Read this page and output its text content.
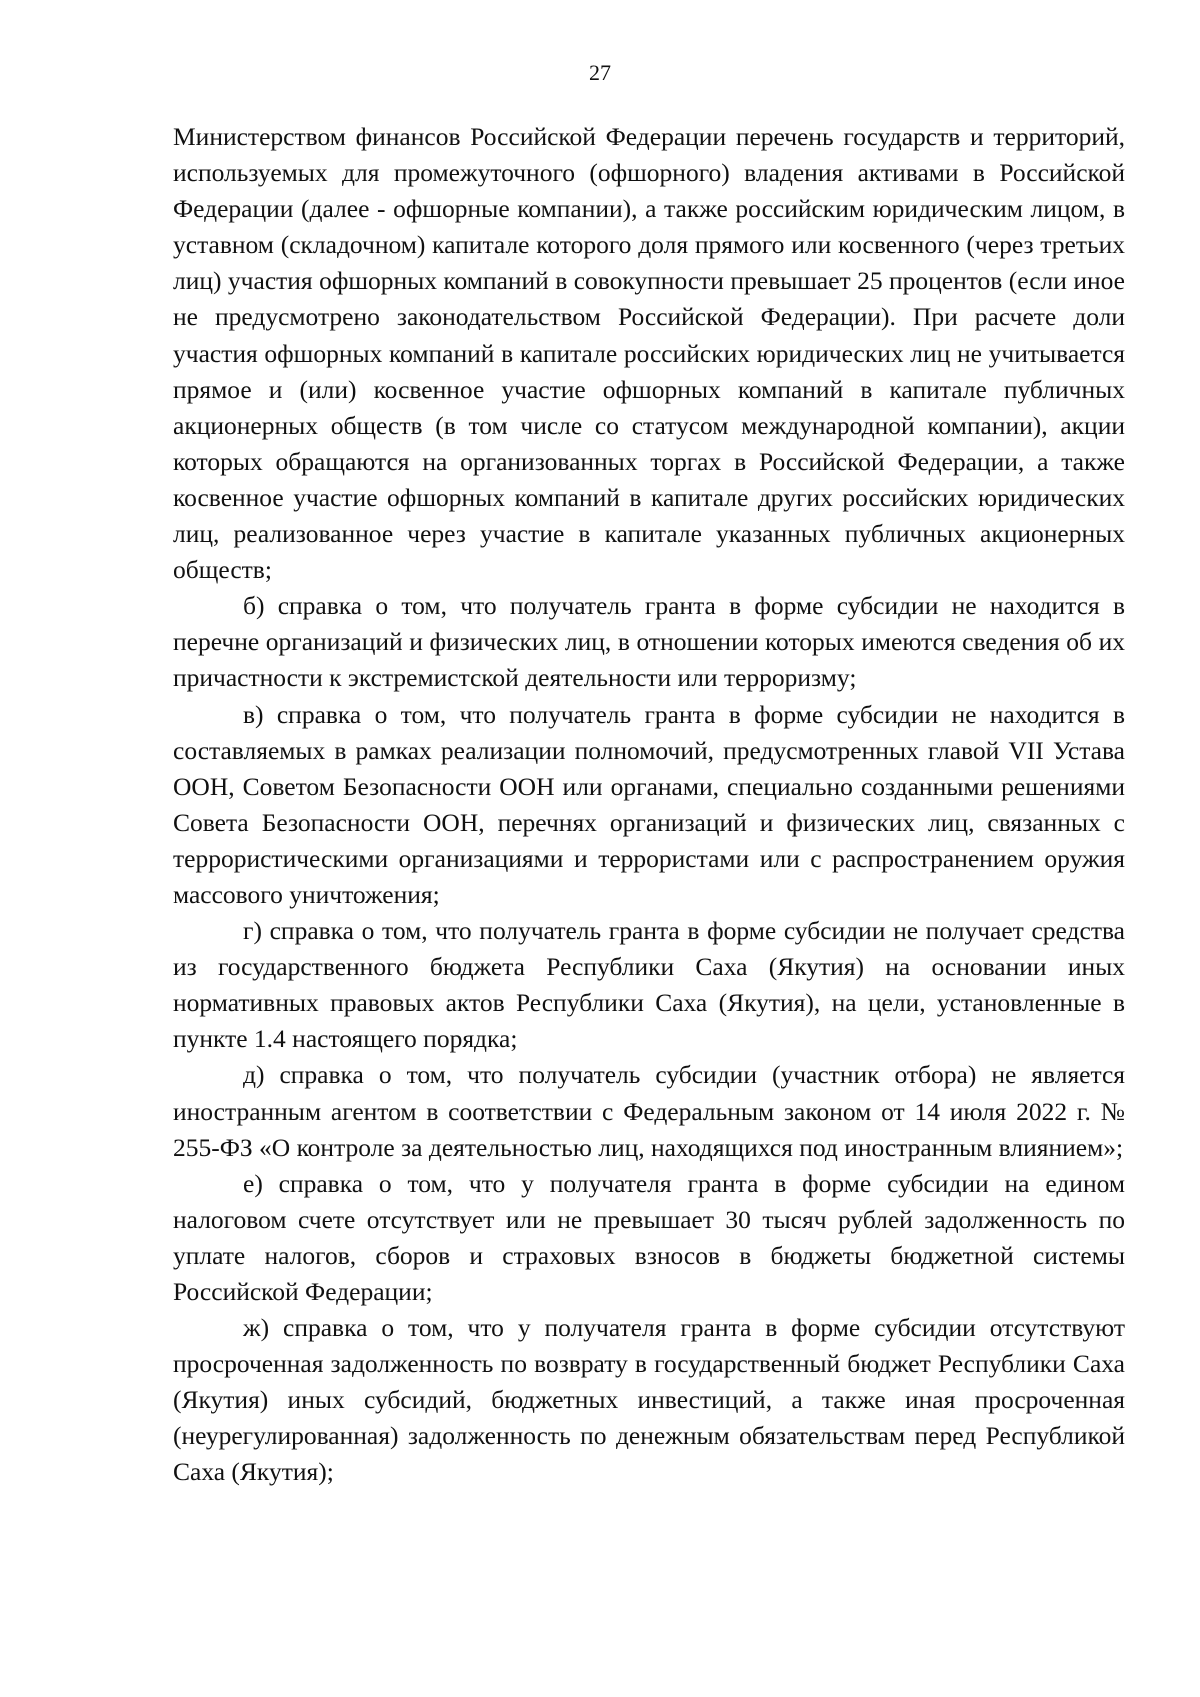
27

Министерством финансов Российской Федерации перечень государств и территорий, используемых для промежуточного (офшорного) владения активами в Российской Федерации (далее - офшорные компании), а также российским юридическим лицом, в уставном (складочном) капитале которого доля прямого или косвенного (через третьих лиц) участия офшорных компаний в совокупности превышает 25 процентов (если иное не предусмотрено законодательством Российской Федерации). При расчете доли участия офшорных компаний в капитале российских юридических лиц не учитывается прямое и (или) косвенное участие офшорных компаний в капитале публичных акционерных обществ (в том числе со статусом международной компании), акции которых обращаются на организованных торгах в Российской Федерации, а также косвенное участие офшорных компаний в капитале других российских юридических лиц, реализованное через участие в капитале указанных публичных акционерных обществ;

б) справка о том, что получатель гранта в форме субсидии не находится в перечне организаций и физических лиц, в отношении которых имеются сведения об их причастности к экстремистской деятельности или терроризму;

в) справка о том, что получатель гранта в форме субсидии не находится в составляемых в рамках реализации полномочий, предусмотренных главой VII Устава ООН, Советом Безопасности ООН или органами, специально созданными решениями Совета Безопасности ООН, перечнях организаций и физических лиц, связанных с террористическими организациями и террористами или с распространением оружия массового уничтожения;

г) справка о том, что получатель гранта в форме субсидии не получает средства из государственного бюджета Республики Саха (Якутия) на основании иных нормативных правовых актов Республики Саха (Якутия), на цели, установленные в пункте 1.4 настоящего порядка;

д) справка о том, что получатель субсидии (участник отбора) не является иностранным агентом в соответствии с Федеральным законом от 14 июля 2022 г. № 255-ФЗ «О контроле за деятельностью лиц, находящихся под иностранным влиянием»;

е) справка о том, что у получателя гранта в форме субсидии на едином налоговом счете отсутствует или не превышает 30 тысяч рублей задолженность по уплате налогов, сборов и страховых взносов в бюджеты бюджетной системы Российской Федерации;

ж) справка о том, что у получателя гранта в форме субсидии отсутствуют просроченная задолженность по возврату в государственный бюджет Республики Саха (Якутия) иных субсидий, бюджетных инвестиций, а также иная просроченная (неурегулированная) задолженность по денежным обязательствам перед Республикой Саха (Якутия);
